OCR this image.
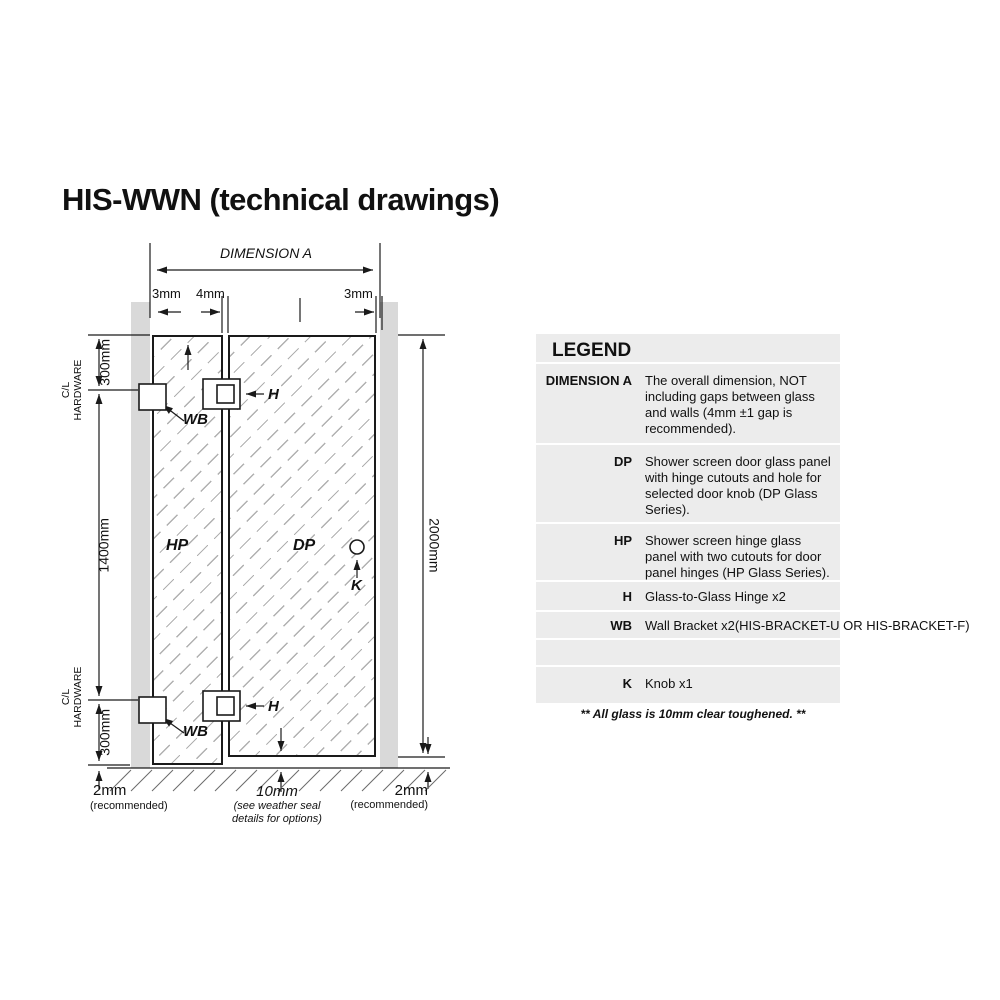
HIS-WWN (technical drawings)
DIMENSION A
3mm 4mm	3mm
300mm
C/L HARDWARE
1400mm
C/L HARDWARE
300mm
2000mm
2mm
(recommended)
10mm
(see weather seal
details for options)
2mm
(recommended)
HP	DP
H
H
WB
WB
K
LEGEND
DIMENSION A The overall dimension, NOT including gaps between glass and walls (4mm ±1 gap is recommended).
DP Shower screen door glass panel with hinge cutouts and hole for selected door knob (DP Glass Series).
HP Shower screen hinge glass panel with two cutouts for door panel hinges (HP Glass Series).
H Glass-to-Glass Hinge x2
WB Wall Bracket x2(HIS-BRACKET-U OR HIS-BRACKET-F)
K Knob x1
** All glass is 10mm clear toughened. **
